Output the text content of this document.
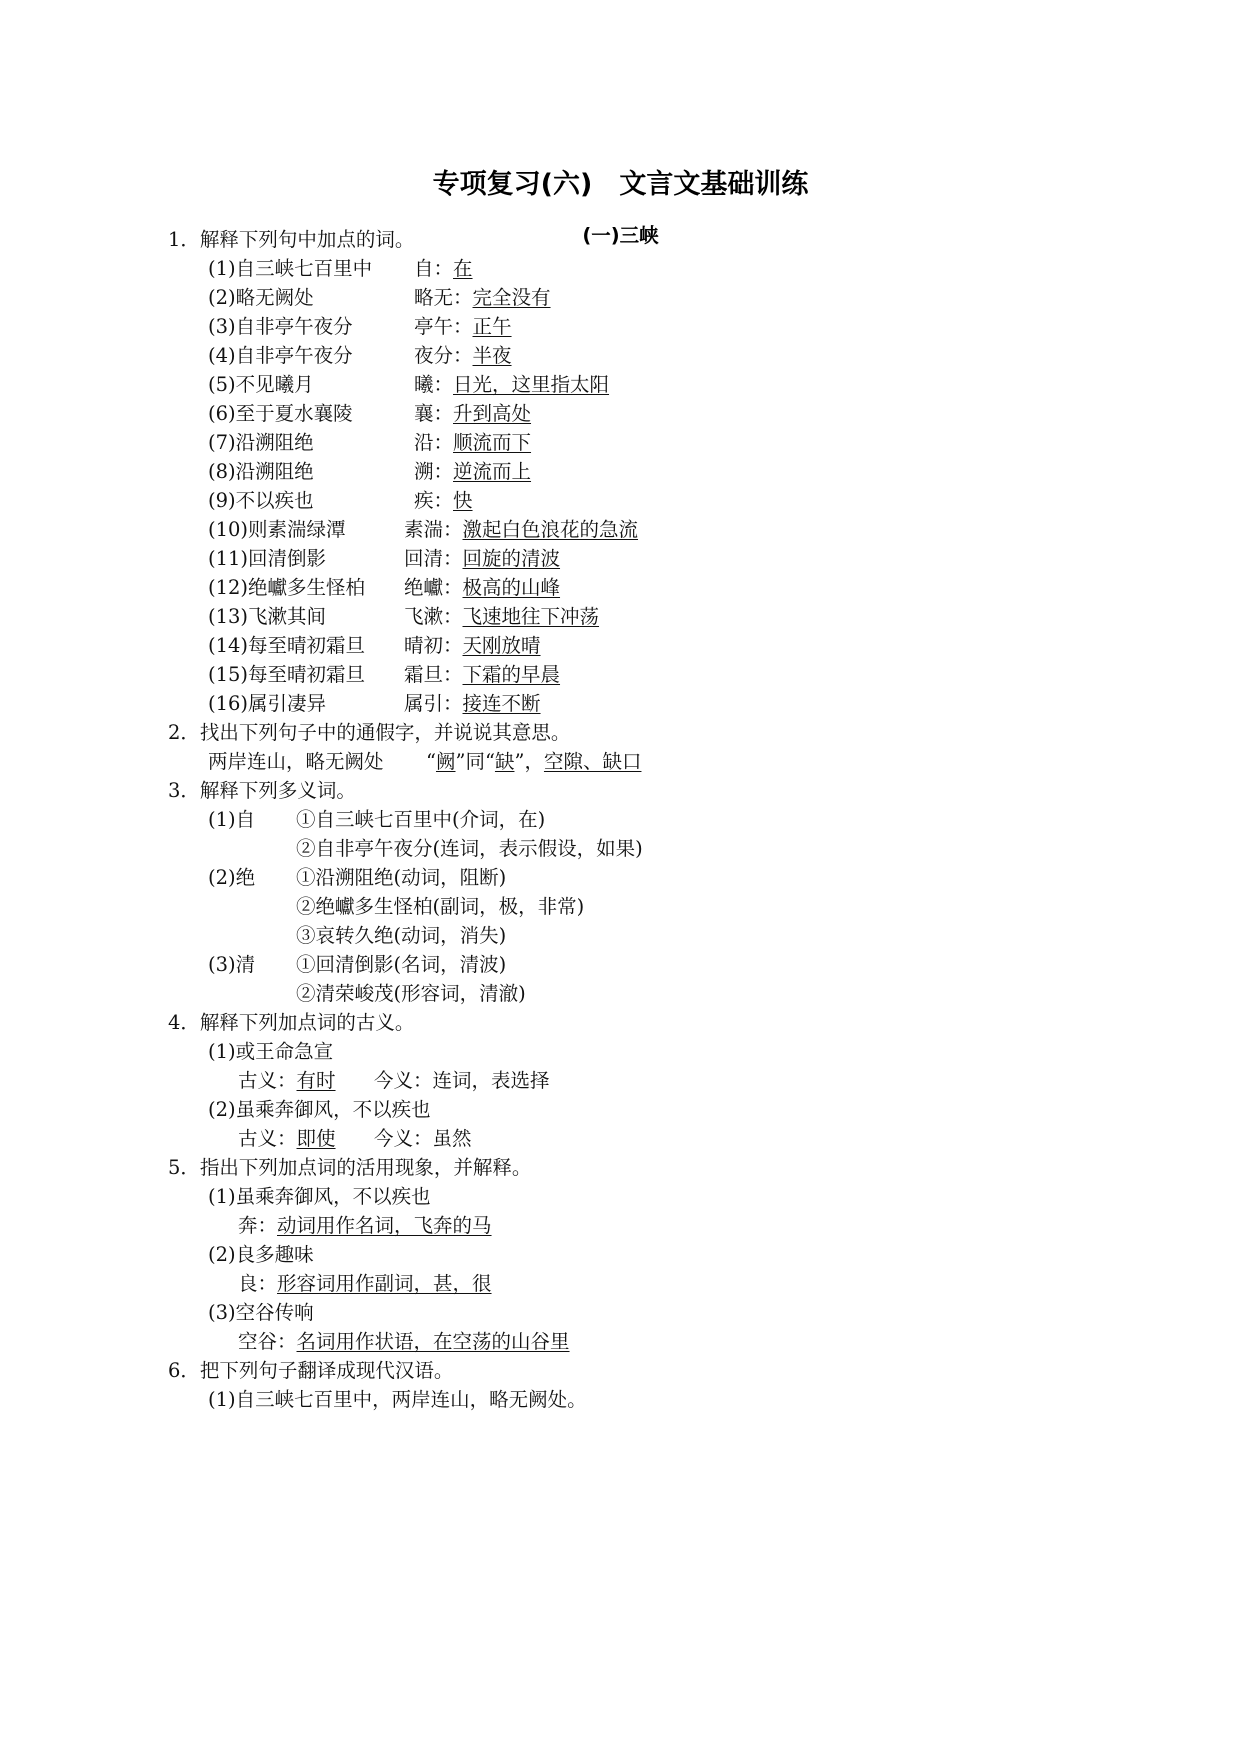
专项复习(六)　文言文基础训练
(一)三峡
1．解释下列句中加点的词。
(1)自三峡七百里中 自：在
(2)略无阙处	略无：完全没有
(3)自非亭午夜分	亭午：正午
(4)自非亭午夜分	夜分：半夜
(5)不见曦月	曦：日光，这里指太阳
(6)至于夏水襄陵	襄：升到高处
(7)沿溯阻绝	沿：顺流而下
(8)沿溯阻绝	溯：逆流而上
(9)不以疾也	疾：快
(10)则素湍绿潭	素湍：激起白色浪花的急流
(11)回清倒影	回清：回旋的清波
(12)绝巘多生怪柏 绝巘：极高的山峰
(13)飞漱其间	飞漱：飞速地往下冲荡
(14)每至晴初霜旦 晴初：天刚放晴
(15)每至晴初霜旦 霜旦：下霜的早晨
(16)属引凄异	属引：接连不断
2．找出下列句子中的通假字，并说说其意思。
两岸连山，略无阙处 “阙”同“缺”，空隙、缺口
3．解释下列多义词。
(1)自 ①自三峡七百里中(介词，在)
②自非亭午夜分(连词，表示假设，如果)
(2)绝 ①沿溯阻绝(动词，阻断)
②绝巘多生怪柏(副词，极，非常)
③哀转久绝(动词，消失)
(3)清 ①回清倒影(名词，清波)
②清荣峻茂(形容词，清澈)
4．解释下列加点词的古义。
(1)或王命急宣
古义：有时 今义：连词，表选择
(2)虽乘奔御风，不以疾也
古义：即使 今义：虽然
5．指出下列加点词的活用现象，并解释。
(1)虽乘奔御风，不以疾也
奔：动词用作名词，飞奔的马
(2)良多趣味
良：形容词用作副词，甚，很
(3)空谷传响
空谷：名词用作状语，在空荡的山谷里
6．把下列句子翻译成现代汉语。
(1)自三峡七百里中，两岸连山，略无阙处。
